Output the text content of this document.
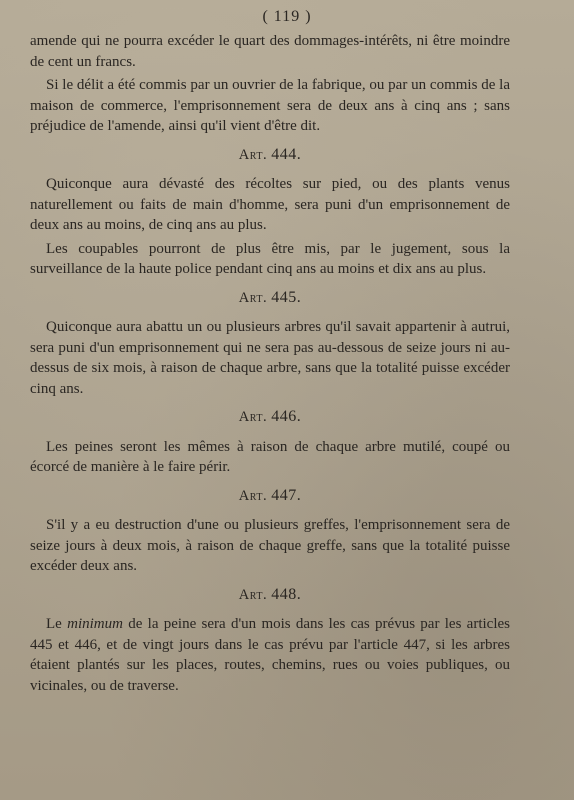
( 119 )

amende qui ne pourra excéder le quart des dommages-intérêts, ni être moindre de cent un francs.

Si le délit a été commis par un ouvrier de la fabrique, ou par un commis de la maison de commerce, l'emprisonnement sera de deux ans à cinq ans ; sans préjudice de l'amende, ainsi qu'il vient d'être dit.

Art. 444.

Quiconque aura dévasté des récoltes sur pied, ou des plants venus naturellement ou faits de main d'homme, sera puni d'un emprisonnement de deux ans au moins, de cinq ans au plus.

Les coupables pourront de plus être mis, par le jugement, sous la surveillance de la haute police pendant cinq ans au moins et dix ans au plus.

Art. 445.

Quiconque aura abattu un ou plusieurs arbres qu'il savait appartenir à autrui, sera puni d'un emprisonnement qui ne sera pas au-dessous de seize jours ni au-dessus de six mois, à raison de chaque arbre, sans que la totalité puisse excéder cinq ans.

Art. 446.

Les peines seront les mêmes à raison de chaque arbre mutilé, coupé ou écorcé de manière à le faire périr.

Art. 447.

S'il y a eu destruction d'une ou plusieurs greffes, l'emprisonnement sera de seize jours à deux mois, à raison de chaque greffe, sans que la totalité puisse excéder deux ans.

Art. 448.

Le minimum de la peine sera d'un mois dans les cas prévus par les articles 445 et 446, et de vingt jours dans le cas prévu par l'article 447, si les arbres étaient plantés sur les places, routes, chemins, rues ou voies publiques, ou vicinales, ou de traverse.
